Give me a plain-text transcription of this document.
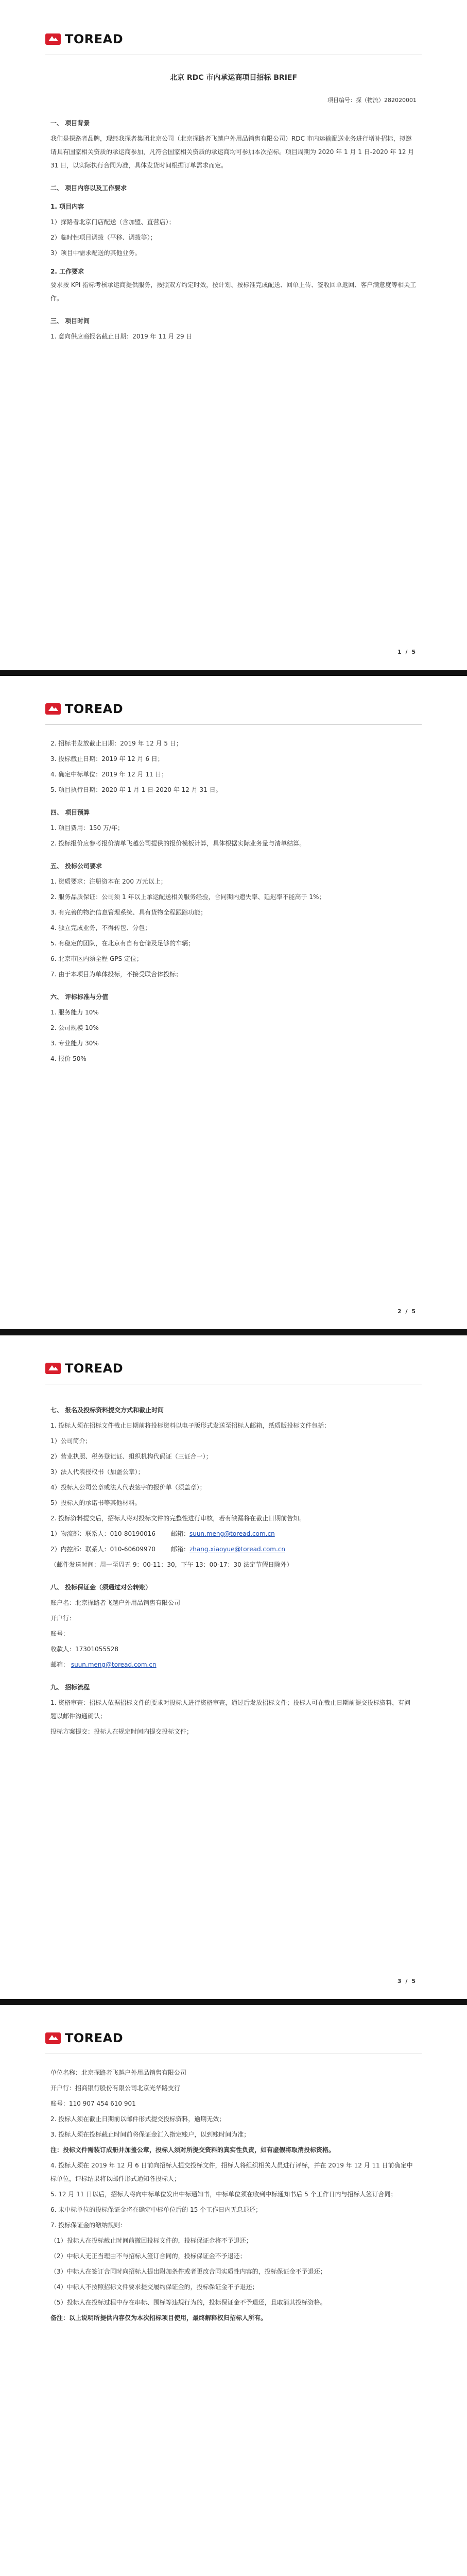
TOREAD
北京 RDC 市内承运商项目招标 BRIEF
项目编号：探（物流）282020001
一、 项目背景

我们是探路者品牌，现经我探者集团北京公司（北京探路者飞越户外用品销售有限公司）RDC 市内运输配送业务进行增补招标，拟邀请具有国家相关资质的承运商参加，凡符合国家相关资质的承运商均可参加本次招标。项目周期为 2020 年 1 月 1 日-2020 年 12 月 31 日，以实际执行合同为准，具体发货时间根据订单需求而定。

二、 项目内容以及工作要求
1. 项目内容
1）探路者北京门店配送（含加盟、直营店）；
2）临时性项目调拨（平移、调拨等）；
3）项目中需求配送的其他业务。
2. 工作要求

要求按 KPI 指标考核承运商提供服务，按照双方约定时效，按计划、按标准完成配送、回单上传、签收回单返回、客户满意度等相关工作。

三、 项目时间
1. 意向供应商报名截止日期：2019 年 11 月 29 日
1 / 5
TOREAD
2. 招标书发放截止日期：2019 年 12 月 5 日；
3. 投标截止日期：2019 年 12 月 6 日；
4. 确定中标单位：2019 年 12 月 11 日；
5. 项目执行日期：2020 年 1 月 1 日-2020 年 12 月 31 日。
四、 项目预算
1. 项目费用：150 万/年；
2. 投标报价应参考报价清单飞越公司提供的报价模板计算，具体根据实际业务量与清单结算。
五、 投标公司要求
1. 资质要求：注册资本在 200 万元以上；
2. 服务品质保证：公司须 1 年以上承运配送相关服务经验，合同期内遗失率、延迟率不能高于 1%；
3. 有完善的物流信息管理系统、具有货物全程跟踪功能；
4. 独立完成业务，不得转包、分包；
5. 有稳定的团队，在北京有自有仓储及足够的车辆；
6. 北京市区内须全程 GPS 定位；
7. 由于本项目为单体投标，不接受联合体投标；
六、 评标标准与分值
1. 服务能力 10%
2. 公司规模 10%
3. 专业能力 30%
4. 报价 50%
2 / 5
TOREAD
七、 报名及投标资料提交方式和截止时间

1. 投标人须在招标文件截止日期前将投标资料以电子版形式发送至招标人邮箱，纸质版投标文件包括：

1）公司简介；
2）营业执照、税务登记证、组织机构代码证（三证合一）；
3）法人代表授权书（加盖公章）；
4）投标人公司公章或法人代表签字的报价单（须盖章）；
5）投标人的承诺书等其他材料。

2. 投标资料提交后，招标人将对投标文件的完整性进行审核，若有缺漏将在截止日期前告知。

1）物流部：联系人： 010-80190016	邮箱： suun.meng@toread.com.cn
2）内控部：联系人： 010-60609970	邮箱： zhang.xiaoyue@toread.com.cn
（邮件发送时间：周一至周五 9：00-11：30，下午 13：00-17：30 法定节假日除外）
八、 投标保证金（须通过对公转账）
账户名：北京探路者飞越户外用品销售有限公司
开户行：
账号：
收款人：17301055528
邮箱： suun.meng@toread.com.cn
九、 招标流程

1. 资格审查：招标人依据招标文件的要求对投标人进行资格审查，通过后发放招标文件；投标人可在截止日期前提交投标资料，有问题以邮件沟通确认；

投标方案提交：投标人在规定时间内提交投标文件；

3 / 5
TOREAD
单位名称：北京探路者飞越户外用品销售有限公司
开户行：招商银行股份有限公司北京光华路支行
账号：110 907 454 610 901
2. 投标人须在截止日期前以邮件形式提交投标资料，逾期无效；
3. 投标人须在投标截止时间前将保证金汇入指定账户，以到账时间为准；

注：投标文件需装订成册并加盖公章，投标人须对所提交资料的真实性负责，如有虚假将取消投标资格。

4. 投标人须在 2019 年 12 月 6 日前向招标人提交投标文件，招标人将组织相关人员进行评标，并在 2019 年 12 月 11 日前确定中标单位，评标结果将以邮件形式通知各投标人；

5. 12 月 11 日以后，招标人将向中标单位发出中标通知书，中标单位须在收到中标通知书后 5 个工作日内与招标人签订合同；

6. 未中标单位的投标保证金将在确定中标单位后的 15 个工作日内无息退还；

7. 投标保证金的缴纳规则：

（1）投标人在投标截止时间前撤回投标文件的，投标保证金将不予退还；
（2）中标人无正当理由不与招标人签订合同的，投标保证金不予退还；
（3）中标人在签订合同时向招标人提出附加条件或者更改合同实质性内容的，投标保证金不予退还；
（4）中标人不按照招标文件要求提交履约保证金的，投标保证金不予退还；
（5）投标人在投标过程中存在串标、围标等违规行为的，投标保证金不予退还，且取消其投标资格。

备注：以上说明所提供内容仅为本次招标项目使用，最终解释权归招标人所有。
